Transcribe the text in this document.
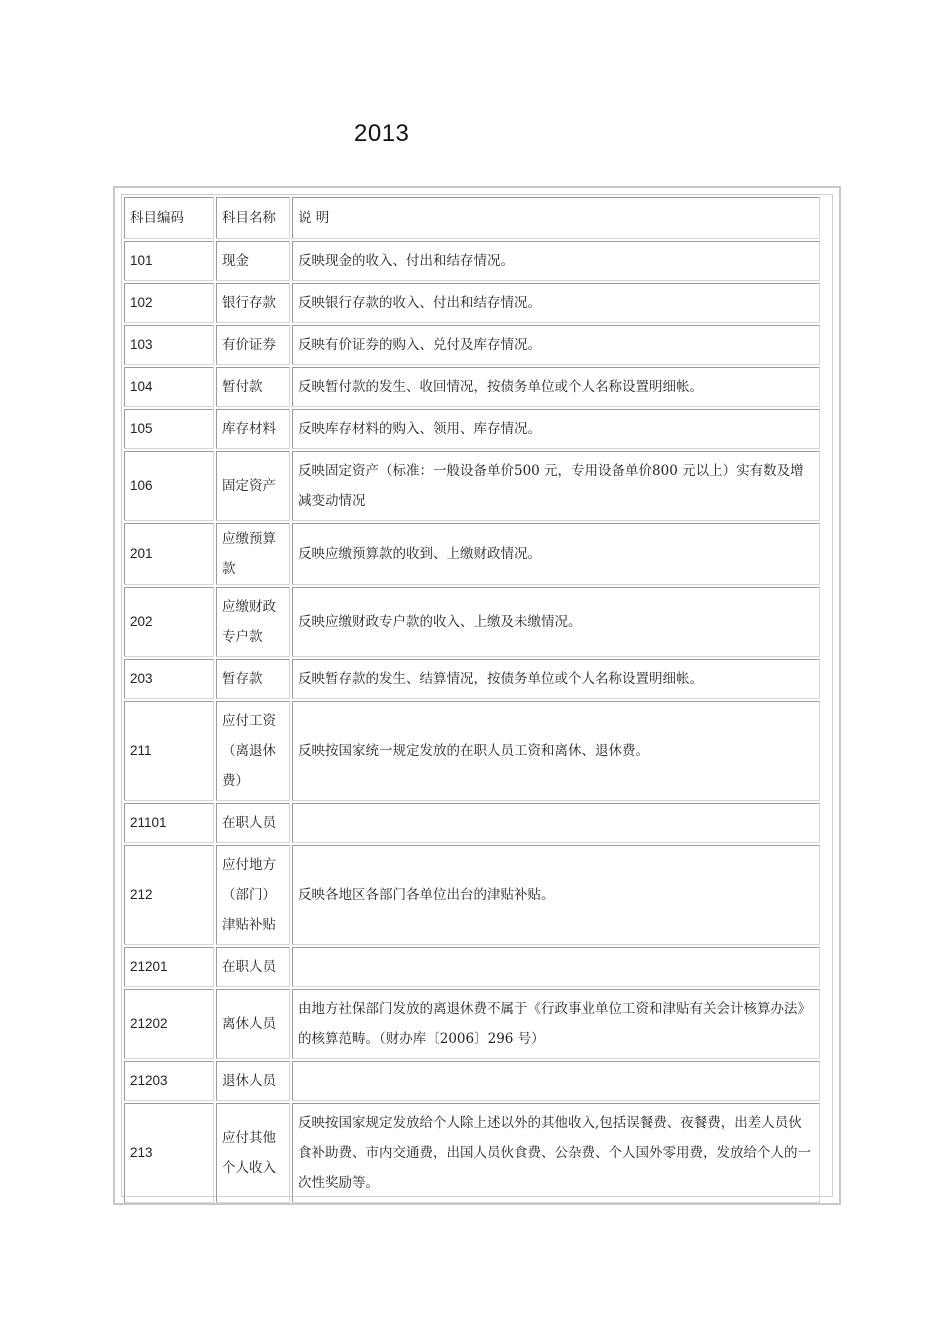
2013
科目编码	科目名称	说 明
101	现金	反映现金的收入、付出和结存情况。
102	银行存款	反映银行存款的收入、付出和结存情况。
103	有价证券	反映有价证券的购入、兑付及库存情况。
104	暂付款	反映暂付款的发生、收回情况，按债务单位或个人名称设置明细帐。
105	库存材料	反映库存材料的购入、领用、库存情况。
106	固定资产	反映固定资产（标准：一般设备单价500 元，专用设备单价800 元以上）实有数及增减变动情况
201	应缴预算款	反映应缴预算款的收到、上缴财政情况。
202	应缴财政专户款	反映应缴财政专户款的收入、上缴及未缴情况。
203	暂存款	反映暂存款的发生、结算情况，按债务单位或个人名称设置明细帐。
211	应付工资（离退休费）	反映按国家统一规定发放的在职人员工资和离休、退休费。
21101	在职人员	
212	应付地方（部门）津贴补贴	反映各地区各部门各单位出台的津贴补贴。
21201	在职人员	
21202	离休人员	由地方社保部门发放的离退休费不属于《行政事业单位工资和津贴有关会计核算办法》的核算范畴。（财办库〔2006〕296 号）
21203	退休人员	
213	应付其他个人收入	反映按国家规定发放给个人除上述以外的其他收入,包括误餐费、夜餐费，出差人员伙食补助费、市内交通费，出国人员伙食费、公杂费、个人国外零用费，发放给个人的一次性奖励等。
